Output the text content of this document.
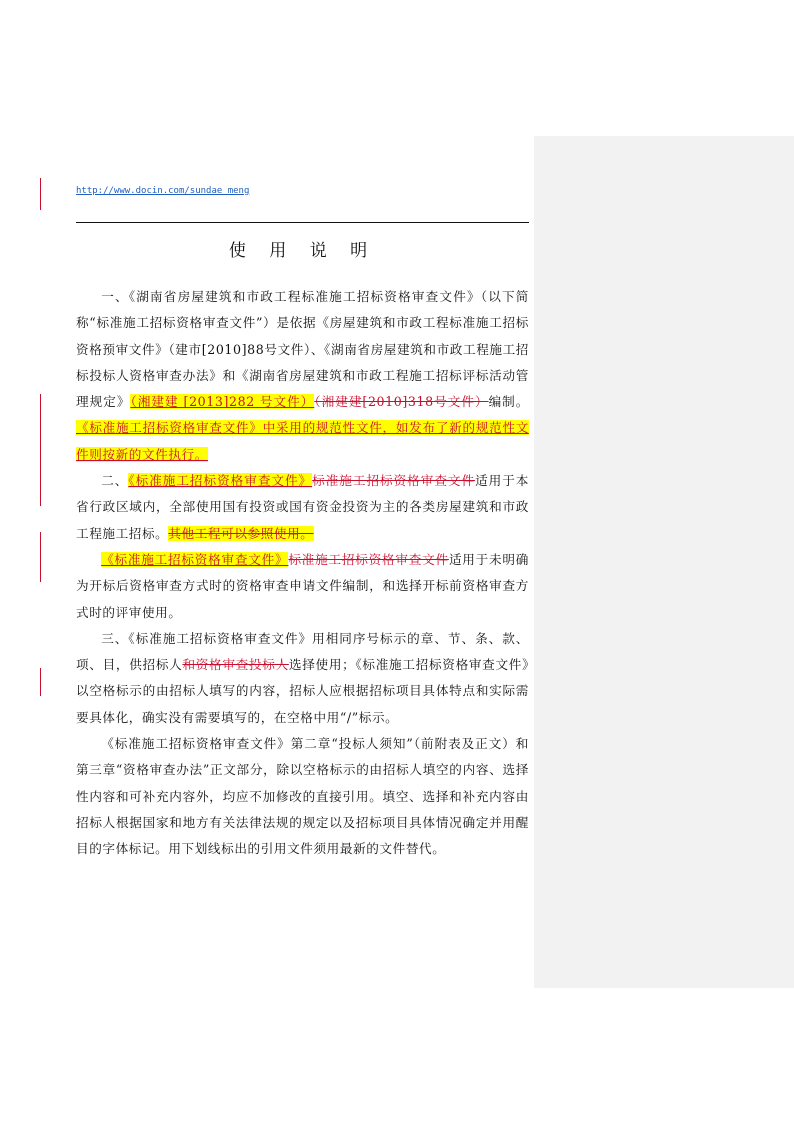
http://www.docin.com/sundae meng
使 用 说 明

一、《湖南省房屋建筑和市政工程标准施工招标资格审查文件》（以下简称“标准施工招标资格审查文件”）是依据《房屋建筑和市政工程标准施工招标资格预审文件》（建市[2010]88号文件）、《湖南省房屋建筑和市政工程施工招标投标人资格审查办法》和《湖南省房屋建筑和市政工程施工招标评标活动管理规定》（湘建建 [2013]282 号文件）（湘建建[2010]318号文件）编制。《标准施工招标资格审查文件》中采用的规范性文件，如发布了新的规范性文件则按新的文件执行。

二、《标准施工招标资格审查文件》标准施工招标资格审查文件适用于本省行政区域内，全部使用国有投资或国有资金投资为主的各类房屋建筑和市政工程施工招标。其他工程可以参照使用。

《标准施工招标资格审查文件》标准施工招标资格审查文件适用于未明确为开标后资格审查方式时的资格审查申请文件编制，和选择开标前资格审查方式时的评审使用。

三、《标准施工招标资格审查文件》用相同序号标示的章、节、条、款、项、目，供招标人和资格审查投标人选择使用；《标准施工招标资格审查文件》以空格标示的由招标人填写的内容，招标人应根据招标项目具体特点和实际需要具体化，确实没有需要填写的，在空格中用“/”标示。

《标准施工招标资格审查文件》第二章“投标人须知”（前附表及正文）和第三章“资格审查办法”正文部分，除以空格标示的由招标人填空的内容、选择性内容和可补充内容外，均应不加修改的直接引用。填空、选择和补充内容由招标人根据国家和地方有关法律法规的规定以及招标项目具体情况确定并用醒目的字体标记。用下划线标出的引用文件须用最新的文件替代。
